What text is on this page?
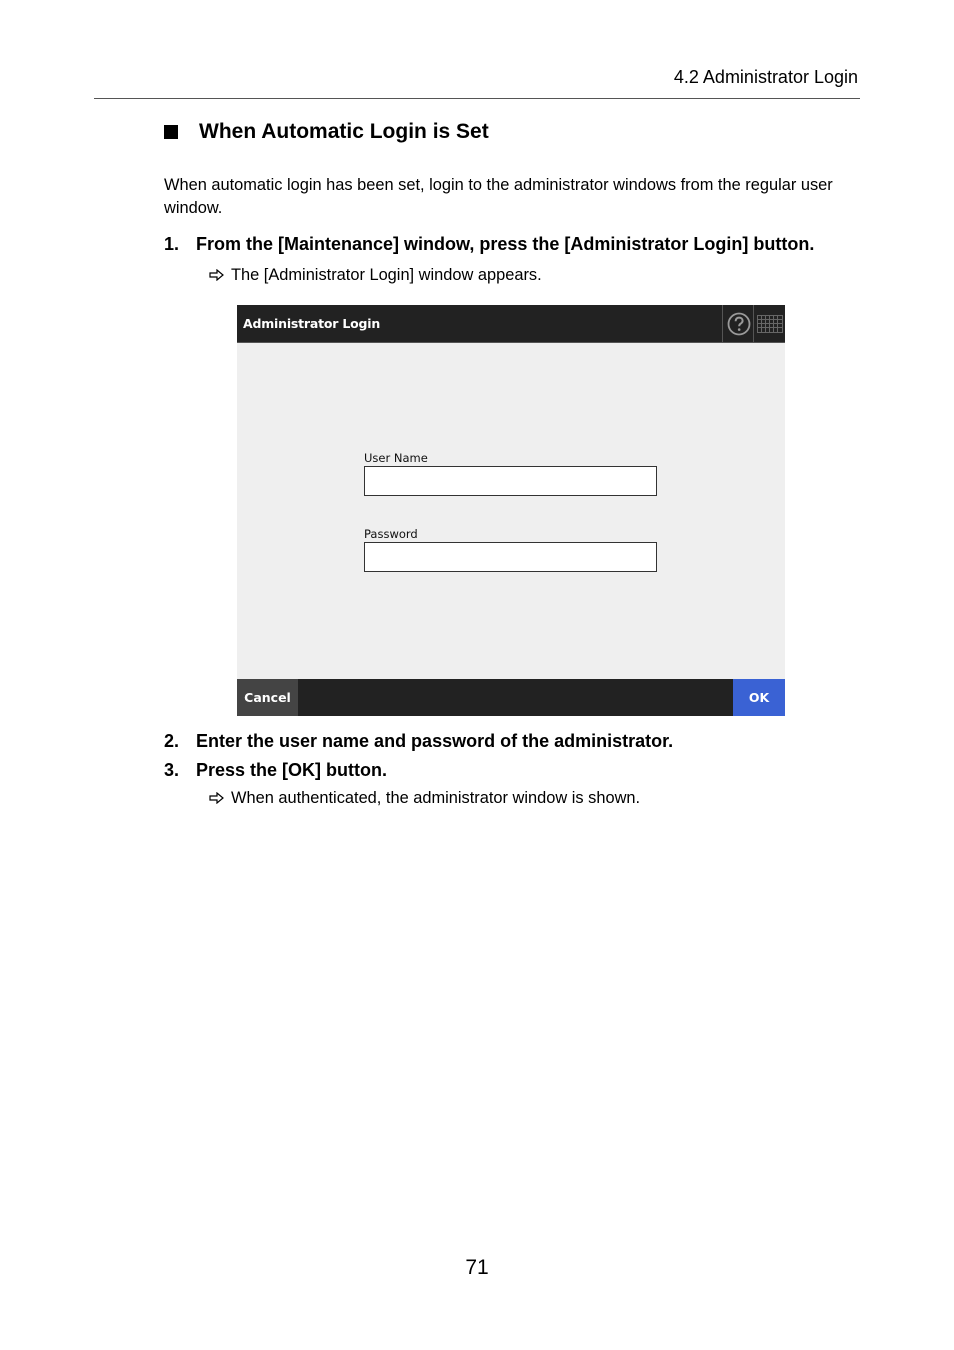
4.2 Administrator Login
When Automatic Login is Set
When automatic login has been set, login to the administrator windows from the regular user window.
1. From the [Maintenance] window, press the [Administrator Login] button.
The [Administrator Login] window appears.
Administrator Login
User Name
Password
Cancel	OK
2. Enter the user name and password of the administrator.
3. Press the [OK] button.
When authenticated, the administrator window is shown.
71
